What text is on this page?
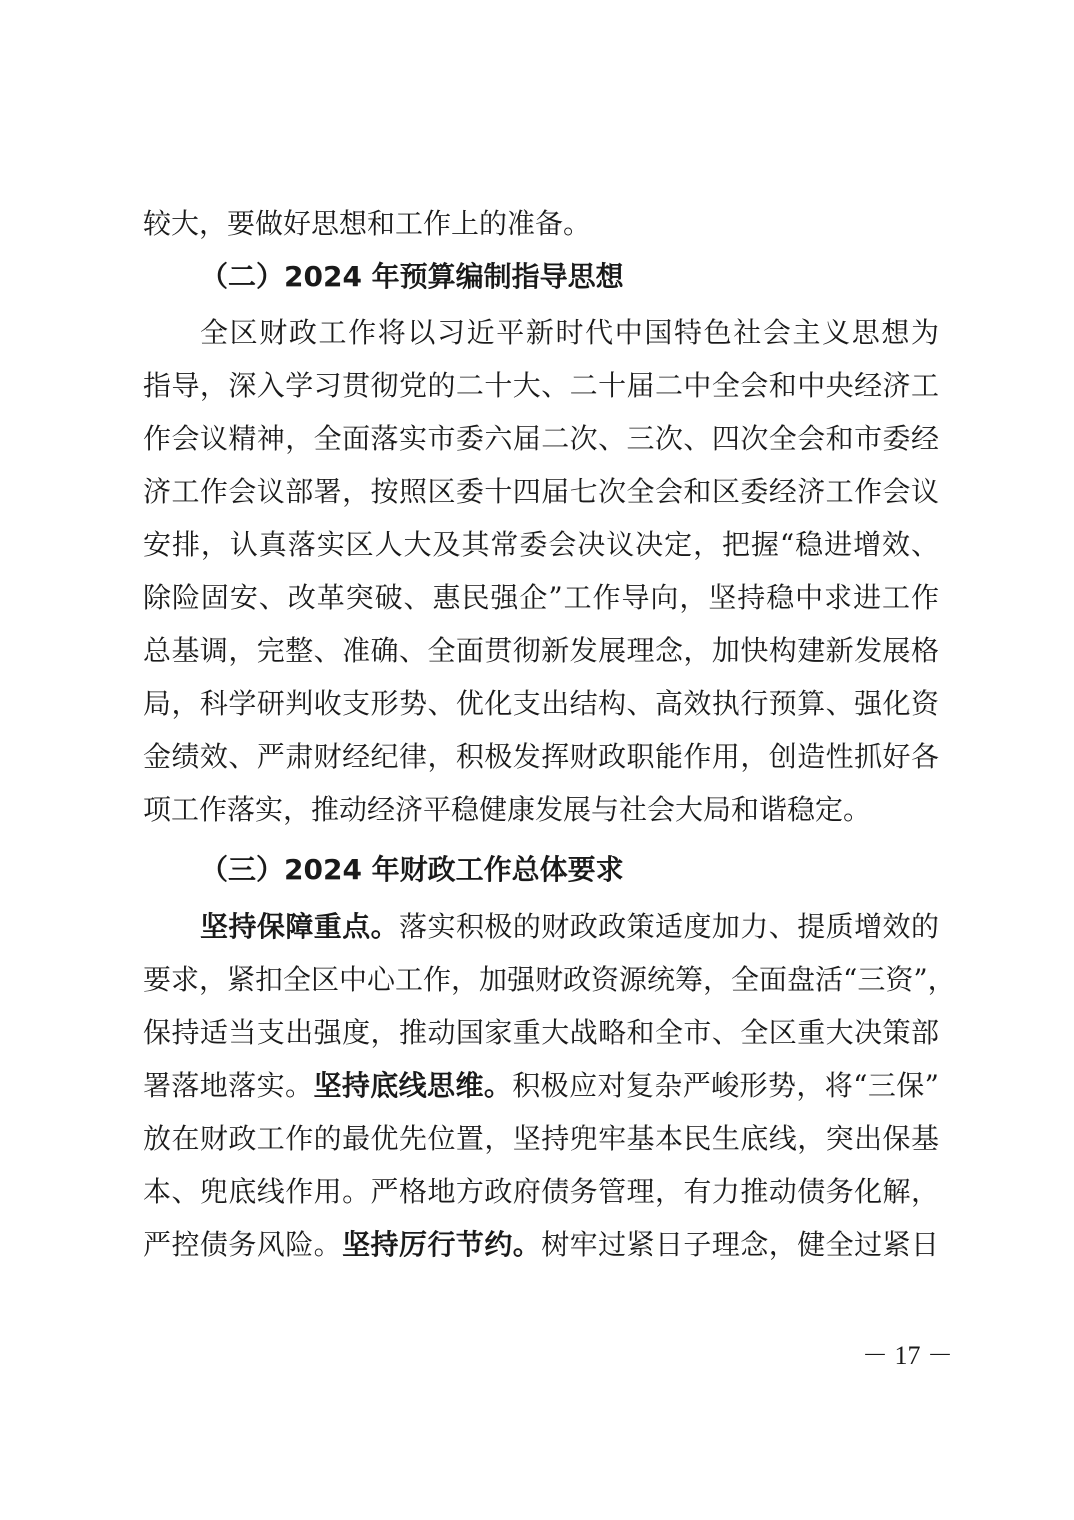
较大，要做好思想和工作上的准备。
（二）2024 年预算编制指导思想
全区财政工作将以习近平新时代中国特色社会主义思想为
指导，深入学习贯彻党的二十大、二十届二中全会和中央经济工
作会议精神，全面落实市委六届二次、三次、四次全会和市委经
济工作会议部署，按照区委十四届七次全会和区委经济工作会议
安排，认真落实区人大及其常委会决议决定，把握“稳进增效、
除险固安、改革突破、惠民强企”工作导向，坚持稳中求进工作
总基调，完整、准确、全面贯彻新发展理念，加快构建新发展格
局，科学研判收支形势、优化支出结构、高效执行预算、强化资
金绩效、严肃财经纪律，积极发挥财政职能作用，创造性抓好各
项工作落实，推动经济平稳健康发展与社会大局和谐稳定。
（三）2024 年财政工作总体要求
坚持保障重点。落实积极的财政政策适度加力、提质增效的
要求，紧扣全区中心工作，加强财政资源统筹，全面盘活“三资”，
保持适当支出强度，推动国家重大战略和全市、全区重大决策部
署落地落实。坚持底线思维。积极应对复杂严峻形势，将“三保”
放在财政工作的最优先位置，坚持兜牢基本民生底线，突出保基
本、兜底线作用。严格地方政府债务管理，有力推动债务化解，
严控债务风险。坚持厉行节约。树牢过紧日子理念，健全过紧日
－ 17 －
